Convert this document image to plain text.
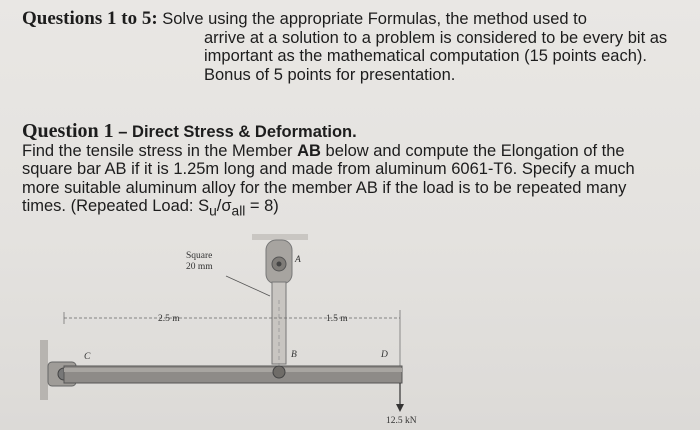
Questions 1 to 5: Solve using the appropriate Formulas, the method used to
arrive at a solution to a problem is considered to be every bit as
important as the mathematical computation (15 points each).
Bonus of 5 points for presentation.
Question 1 – Direct Stress & Deformation.
Find the tensile stress in the Member AB below and compute the Elongation of the
square bar AB if it is 1.25m long and made from aluminum 6061-T6. Specify a much
more suitable aluminum alloy for the member AB if the load is to be repeated many
times. (Repeated Load: $S_u/\sigma_{all} = 8$)
Square
20 mm
A
B
C	D
2.5 m	1.5 m
12.5 kN
